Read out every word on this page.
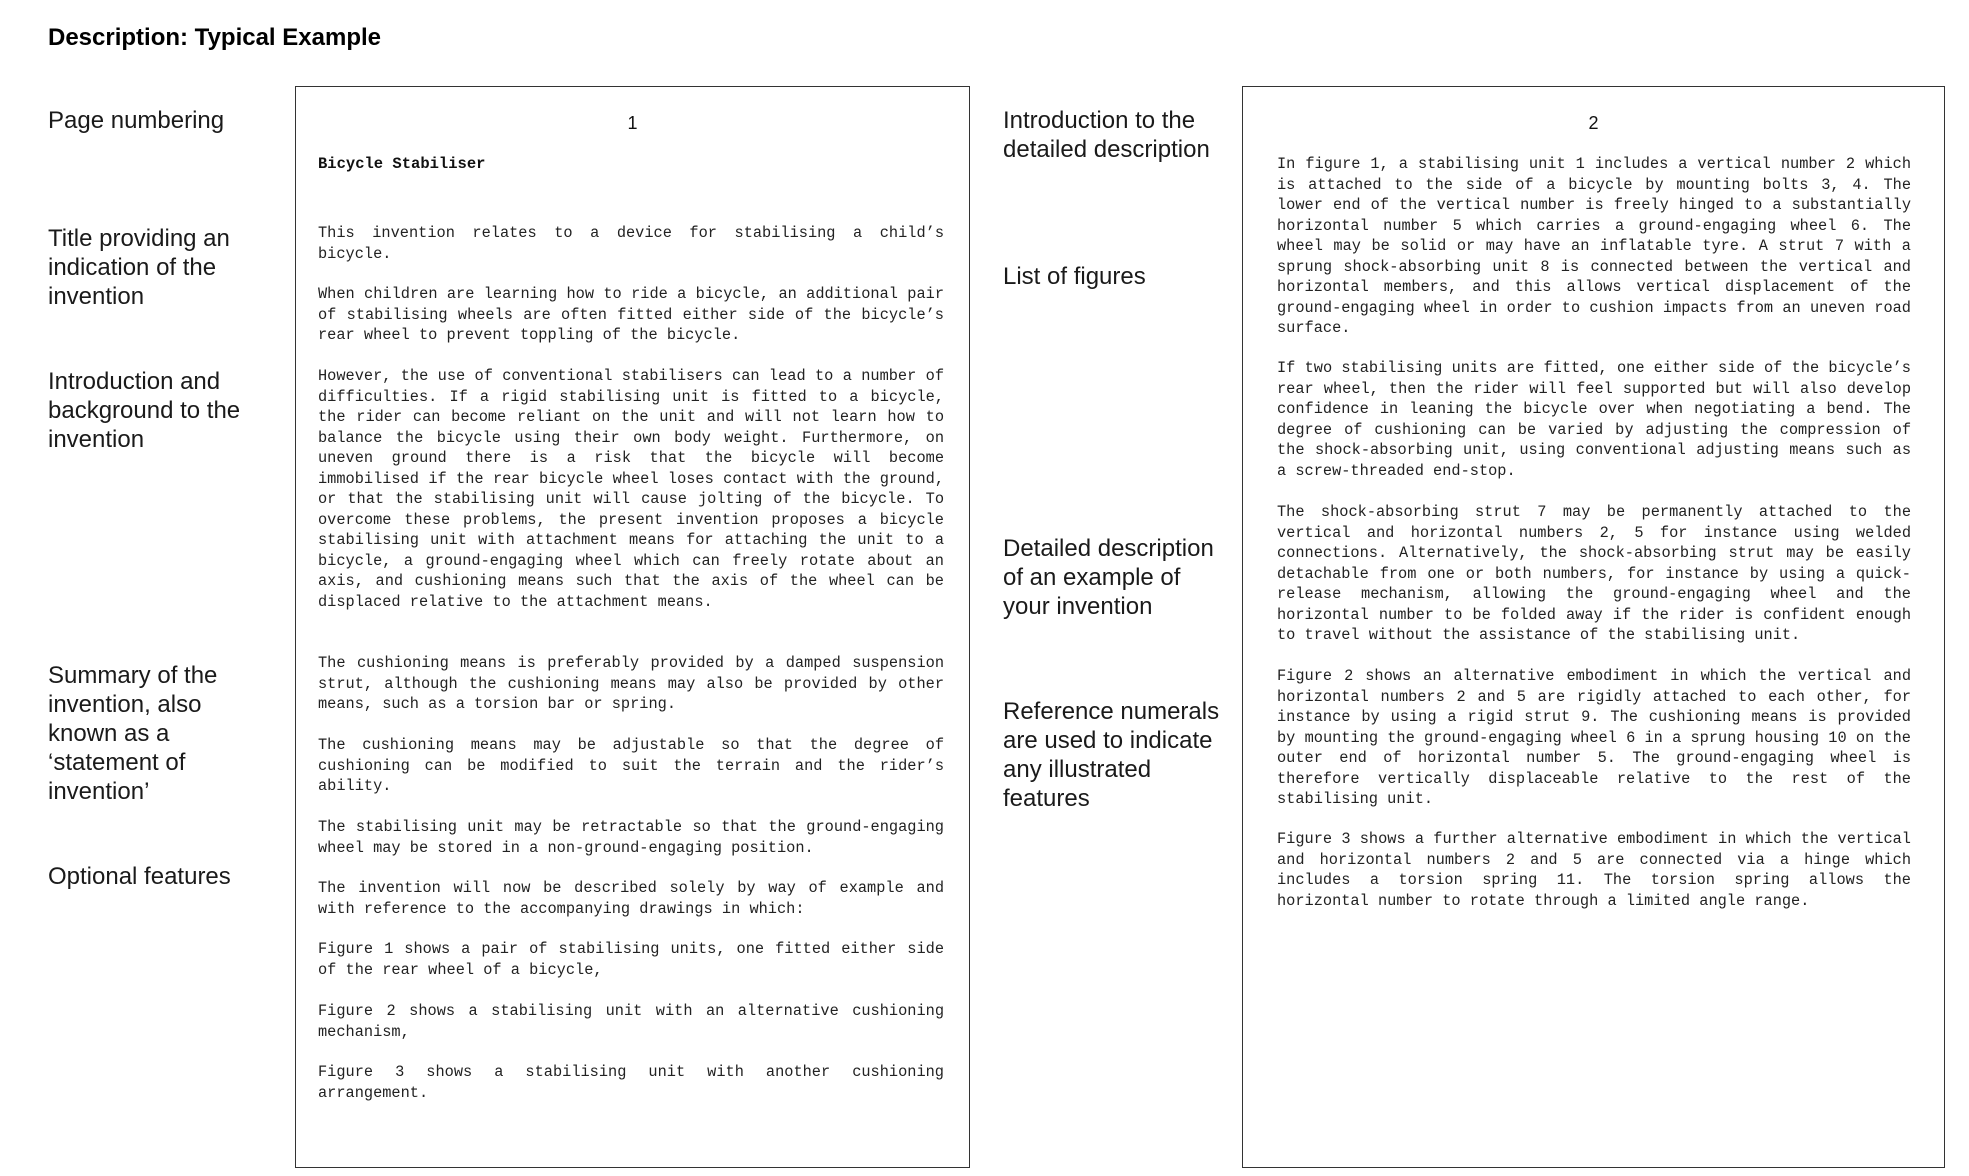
Description: Typical Example

Page numbering

Title providing an indication of the invention

Introduction and background to the invention

Summary of the invention, also known as a ‘statement of invention’

Optional features

1
Bicycle Stabiliser

This invention relates to a device for stabilising a child’s bicycle.

When children are learning how to ride a bicycle, an additional pair of stabilising wheels are often fitted either side of the bicycle’s rear wheel to prevent toppling of the bicycle.

However, the use of conventional stabilisers can lead to a number of difficulties. If a rigid stabilising unit is fitted to a bicycle, the rider can become reliant on the unit and will not learn how to balance the bicycle using their own body weight. Furthermore, on uneven ground there is a risk that the bicycle will become immobilised if the rear bicycle wheel loses contact with the ground, or that the stabilising unit will cause jolting of the bicycle. To overcome these problems, the present invention proposes a bicycle stabilising unit with attachment means for attaching the unit to a bicycle, a ground-engaging wheel which can freely rotate about an axis, and cushioning means such that the axis of the wheel can be displaced relative to the attachment means.

The cushioning means is preferably provided by a damped suspension strut, although the cushioning means may also be provided by other means, such as a torsion bar or spring.

The cushioning means may be adjustable so that the degree of cushioning can be modified to suit the terrain and the rider’s ability.

The stabilising unit may be retractable so that the ground-engaging wheel may be stored in a non-ground-engaging position.

The invention will now be described solely by way of example and with reference to the accompanying drawings in which:

Figure 1 shows a pair of stabilising units, one fitted either side of the rear wheel of a bicycle,

Figure 2 shows a stabilising unit with an alternative cushioning mechanism,

Figure 3 shows a stabilising unit with another cushioning arrangement.

Introduction to the detailed description

List of figures

Detailed description of an example of your invention

Reference numerals are used to indicate any illustrated features

2

In figure 1, a stabilising unit 1 includes a vertical number 2 which is attached to the side of a bicycle by mounting bolts 3, 4. The lower end of the vertical number is freely hinged to a substantially horizontal number 5 which carries a ground-engaging wheel 6. The wheel may be solid or may have an inflatable tyre. A strut 7 with a sprung shock-absorbing unit 8 is connected between the vertical and horizontal members, and this allows vertical displacement of the ground-engaging wheel in order to cushion impacts from an uneven road surface.

If two stabilising units are fitted, one either side of the bicycle’s rear wheel, then the rider will feel supported but will also develop confidence in leaning the bicycle over when negotiating a bend. The degree of cushioning can be varied by adjusting the compression of the shock-absorbing unit, using conventional adjusting means such as a screw-threaded end-stop.

The shock-absorbing strut 7 may be permanently attached to the vertical and horizontal numbers 2, 5 for instance using welded connections. Alternatively, the shock-absorbing strut may be easily detachable from one or both numbers, for instance by using a quick-release mechanism, allowing the ground-engaging wheel and the horizontal number to be folded away if the rider is confident enough to travel without the assistance of the stabilising unit.

Figure 2 shows an alternative embodiment in which the vertical and horizontal numbers 2 and 5 are rigidly attached to each other, for instance by using a rigid strut 9. The cushioning means is provided by mounting the ground-engaging wheel 6 in a sprung housing 10 on the outer end of horizontal number 5. The ground-engaging wheel is therefore vertically displaceable relative to the rest of the stabilising unit.

Figure 3 shows a further alternative embodiment in which the vertical and horizontal numbers 2 and 5 are connected via a hinge which includes a torsion spring 11. The torsion spring allows the horizontal number to rotate through a limited angle range.
